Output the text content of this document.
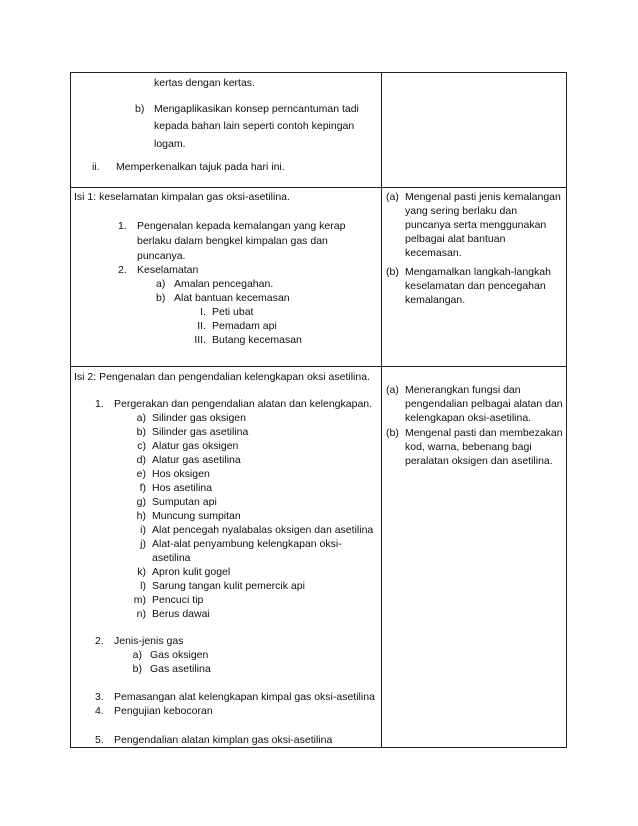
kertas dengan kertas.
b) Mengaplikasikan konsep perncantuman tadi
kepada bahan lain seperti contoh kepingan
logam.
ii. Memperkenalkan tajuk pada hari ini.
Isi 1: keselamatan kimpalan gas oksi-asetilina.
1. Pengenalan kepada kemalangan yang kerap
berlaku dalam bengkel kimpalan gas dan
puncanya.
2. Keselamatan
a) Amalan pencegahan.
b) Alat bantuan kecemasan
I. Peti ubat
II. Pemadam api
III. Butang kecemasan
(a) Mengenal pasti jenis kemalangan
yang sering berlaku dan
puncanya serta menggunakan
pelbagai alat bantuan
kecemasan.
(b) Mengamalkan langkah-langkah
keselamatan dan pencegahan
kemalangan.
Isi 2: Pengenalan dan pengendalian kelengkapan oksi asetilina.
1. Pergerakan dan pengendalian alatan dan kelengkapan.
a) Silinder gas oksigen
b) Silinder gas asetilina
c) Alatur gas oksigen
d) Alatur gas asetilina
e) Hos oksigen
f) Hos asetilina
g) Sumputan api
h) Muncung sumpitan
i) Alat pencegah nyalabalas oksigen dan asetilina
j) Alat-alat penyambung kelengkapan oksi-
asetilina
k) Apron kulit gogel
l) Sarung tangan kulit pemercik api
m) Pencuci tip
n) Berus dawai
2. Jenis-jenis gas
a) Gas oksigen
b) Gas asetilina
3. Pemasangan alat kelengkapan kimpal gas oksi-asetilina
4. Pengujian kebocoran
5. Pengendalian alatan kimplan gas oksi-asetilina
(a) Menerangkan fungsi dan
pengendalian pelbagai alatan dan
kelengkapan oksi-asetilina.
(b) Mengenal pasti dan membezakan
kod, warna, bebenang bagi
peralatan oksigen dan asetilina.
